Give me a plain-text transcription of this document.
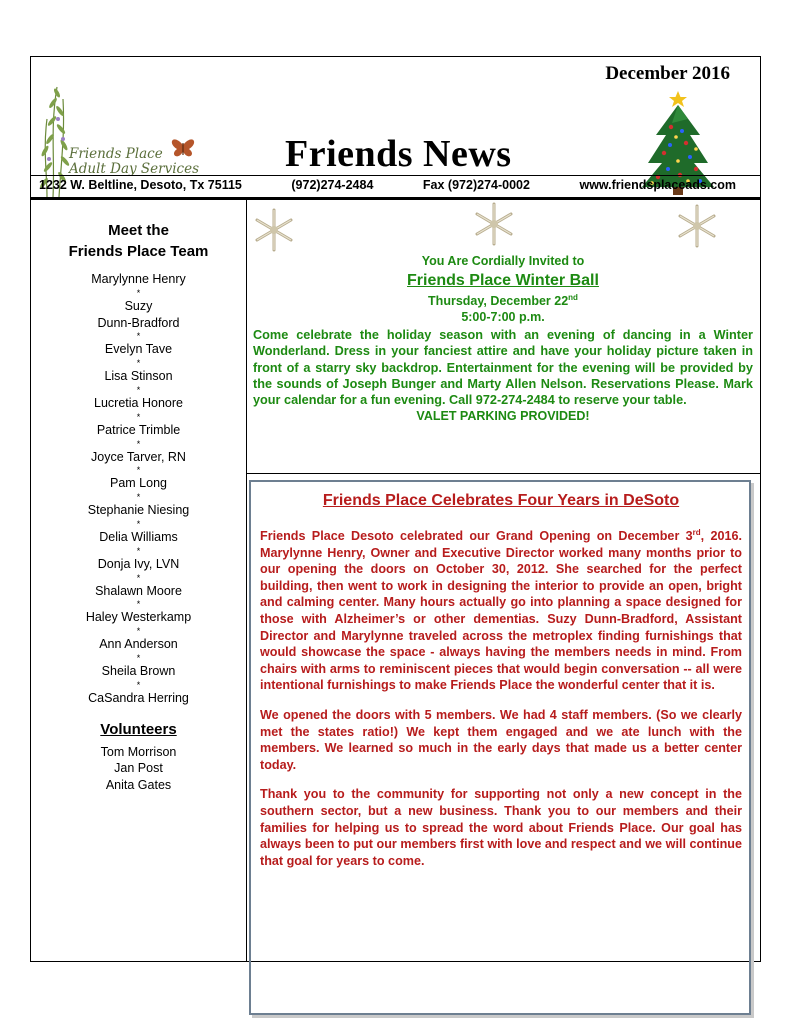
December 2016
Friends Place
Adult Day Services Friends News
1232 W. Beltline, Desoto, Tx 75115	(972)274-2484	Fax (972)274-0002	www.friendsplaceads.com
Meet the
Friends Place Team
Marylynne Henry
*
Suzy
Dunn-Bradford
*
Evelyn Tave
*
Lisa Stinson
*
Lucretia Honore
*
Patrice Trimble
*
Joyce Tarver, RN
*
Pam Long
*
Stephanie Niesing
*
Delia Williams
*
Donja Ivy, LVN
*
Shalawn Moore
*
Haley Westerkamp
*
Ann Anderson
*
Sheila Brown
*
CaSandra Herring
Volunteers
Tom Morrison
Jan Post
Anita Gates
You Are Cordially Invited to
Friends Place Winter Ball
Thursday, December 22nd
5:00-7:00 p.m.

Come celebrate the holiday season with an evening of dancing in a Winter Wonderland. Dress in your fanciest attire and have your holiday picture taken in front of a starry sky backdrop. Entertainment for the evening will be provided by the sounds of Joseph Bunger and Marty Allen Nelson. Reservations Please. Mark your calendar for a fun evening. Call 972-274-2484 to reserve your table.

VALET PARKING PROVIDED!
Friends Place Celebrates Four Years in DeSoto

Friends Place Desoto celebrated our Grand Opening on December 3rd, 2016. Marylynne Henry, Owner and Executive Director worked many months prior to our opening the doors on October 30, 2012. She searched for the perfect building, then went to work in designing the interior to provide an open, bright and calming center. Many hours actually go into planning a space designed for those with Alzheimer’s or other dementias. Suzy Dunn-Bradford, Assistant Director and Marylynne traveled across the metroplex finding furnishings that would showcase the space - always having the members needs in mind. From chairs with arms to reminiscent pieces that would begin conversation -- all were intentional furnishings to make Friends Place the wonderful center that it is.

We opened the doors with 5 members. We had 4 staff members. (So we clearly met the states ratio!) We kept them engaged and we ate lunch with the members. We learned so much in the early days that made us a better center today.

Thank you to the community for supporting not only a new concept in the southern sector, but a new business. Thank you to our members and their families for helping us to spread the word about Friends Place. Our goal has always been to put our members first with love and respect and we will continue that goal for years to come.
